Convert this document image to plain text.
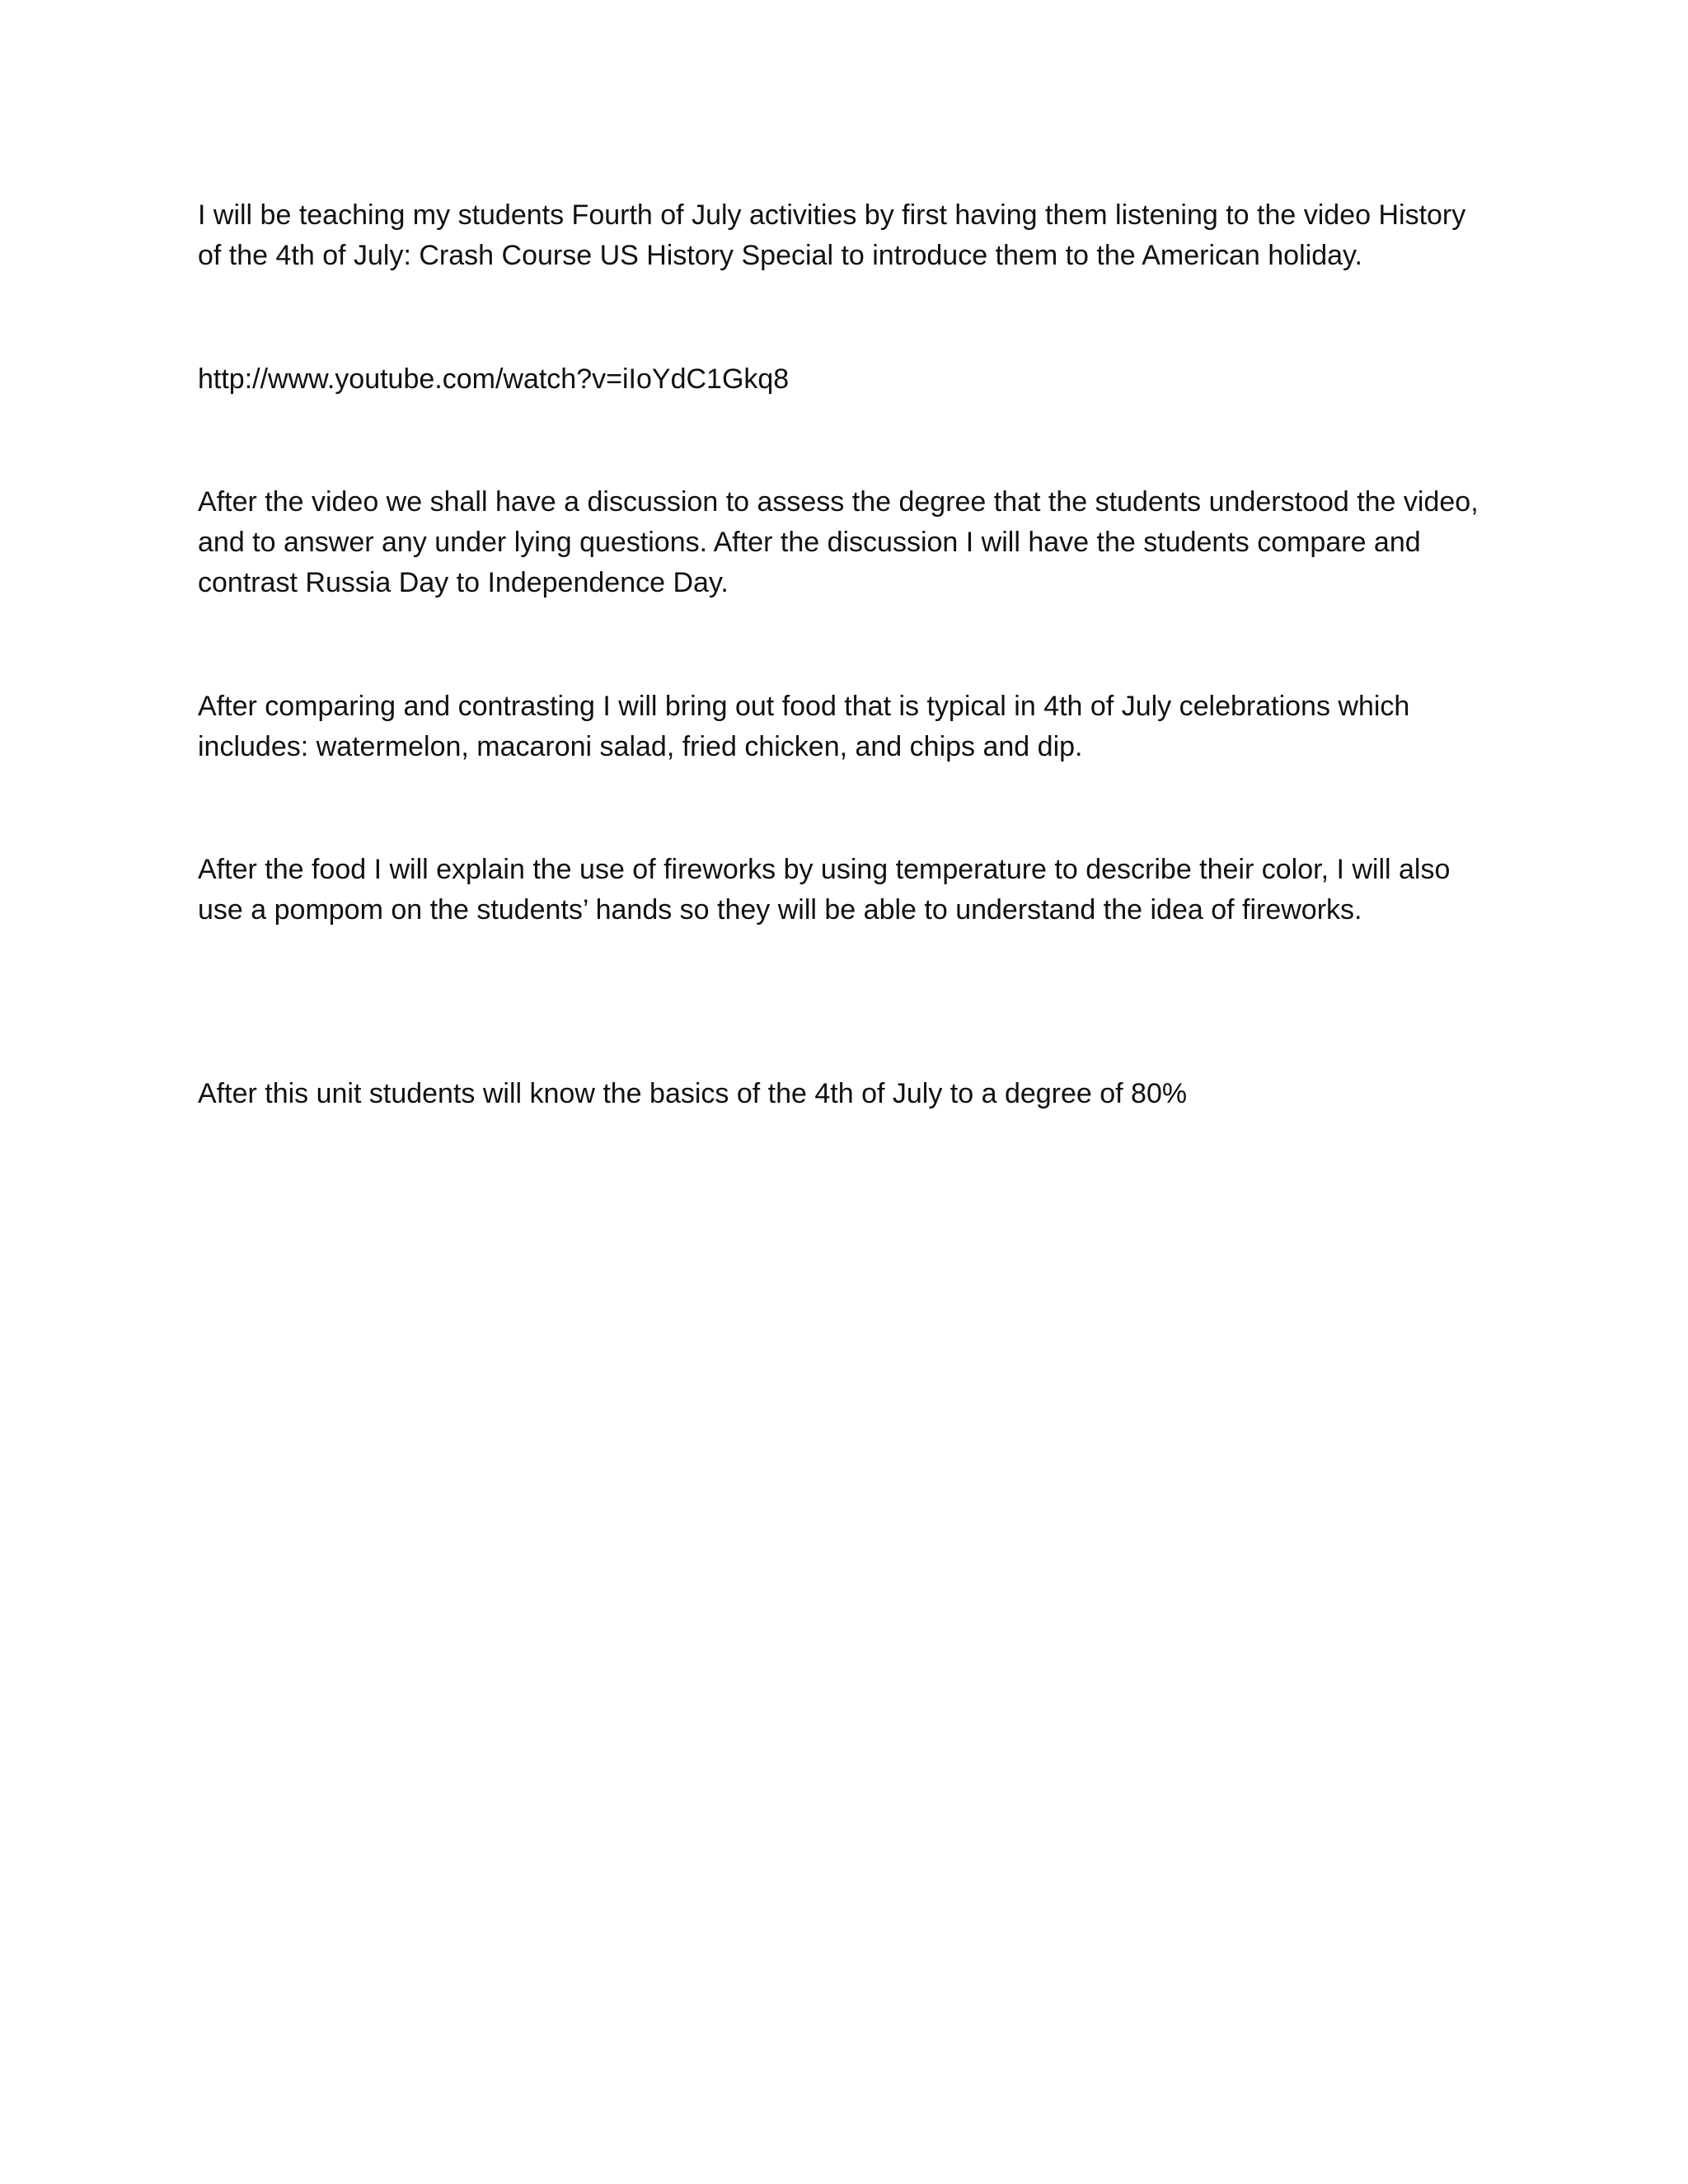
I will be teaching my students Fourth of July activities by first having them listening to the video History
of the 4th of July: Crash Course US History Special to introduce them to the American holiday.

http://www.youtube.com/watch?v=iIoYdC1Gkq8

After the video we shall have a discussion to assess the degree that the students understood the video,
and to answer any under lying questions. After the discussion I will have the students compare and
contrast Russia Day to Independence Day.

After comparing and contrasting I will bring out food that is typical in 4th of July celebrations which
includes: watermelon, macaroni salad, fried chicken, and chips and dip.

After the food I will explain the use of fireworks by using temperature to describe their color, I will also
use a pompom on the students’ hands so they will be able to understand the idea of fireworks.

After this unit students will know the basics of the 4th of July to a degree of 80%
